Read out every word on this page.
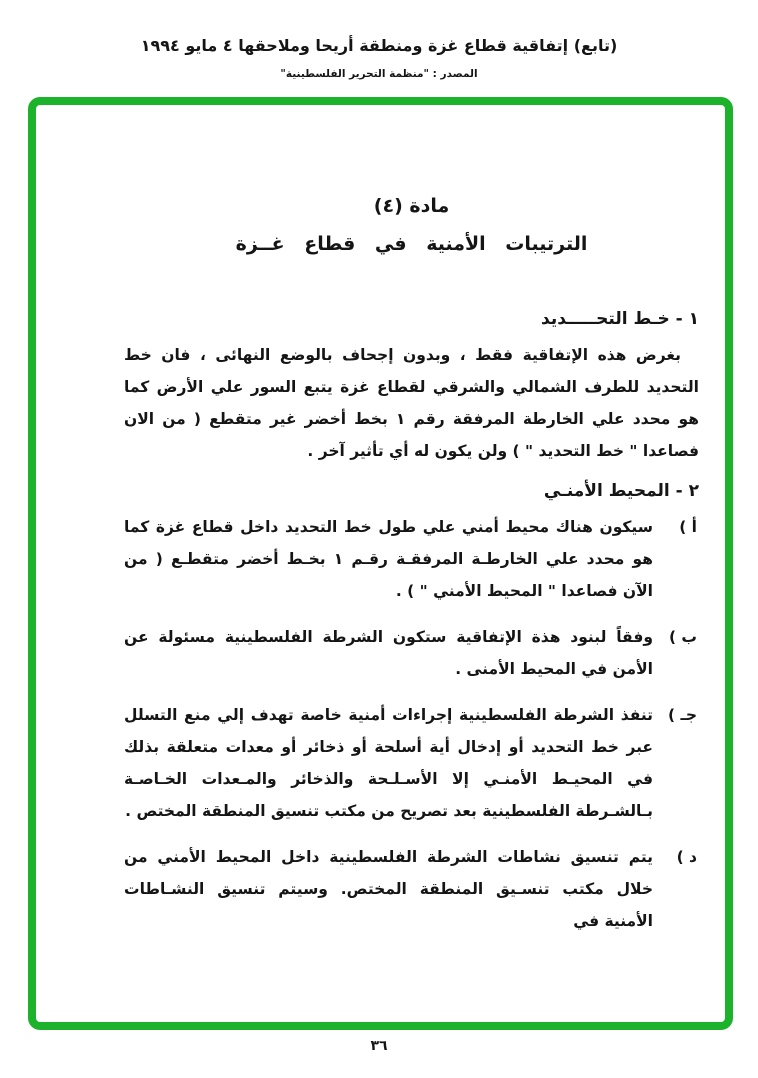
(تابع) إتفاقية قطاع غزة ومنطقة أريحا وملاحقها ٤ مايو ١٩٩٤
المصدر : "منظمة التحرير الفلسطينية"
مادة (٤)
الترتيبات الأمنية في قطاع غــزة
١ - خـط التحـــــديد

بغرض هذه الإتفاقية فقط ، وبدون إجحاف بالوضع النهائى ، فان خط التحديد للطرف الشمالي والشرقي لقطاع غزة يتبع السور علي الأرض كما هو محدد علي الخارطة المرفقة رقم ١ بخط أخضر غير متقطع ( من الان فصاعدا " خط التحديد " ) ولن يكون له أي تأثير آخر .

٢ - المحيط الأمنـي
أ )
سيكون هناك محيط أمني علي طول خط التحديد داخل قطاع غزة كما هو محدد علي الخارطـة المرفقـة رقـم ١ بخـط أخضر متقطـع ( من الآن فصاعدا " المحيط الأمني " ) .
ب )
وفقاً لبنود هذة الإتفاقية ستكون الشرطة الفلسطينية مسئولة عن الأمن في المحيط الأمنى .
جـ )
تنفذ الشرطة الفلسطينية إجراءات أمنية خاصة تهدف إلي منع التسلل عبر خط التحديد أو إدخال أية أسلحة أو ذخائر أو معدات متعلقة بذلك في المحيـط الأمنـي إلا الأسـلـحة والذخائر والمـعدات الخـاصـة بـالشـرطة الفلسطينية بعد تصريح من مكتب تنسيق المنطقة المختص .
د )
يتم تنسيق نشاطات الشرطة الفلسطينية داخل المحيط الأمني من خلال مكتب تنسـيق المنطقة المختص. وسيتم تنسيق النشـاطات الأمنية في
٣٦
